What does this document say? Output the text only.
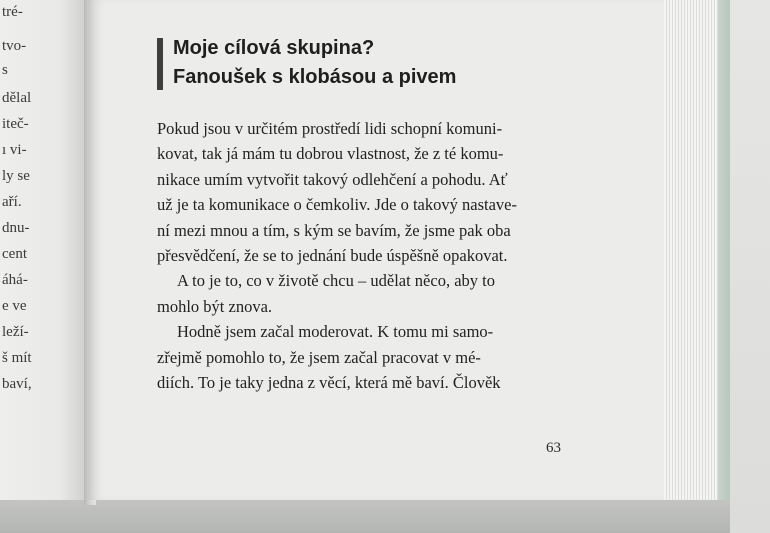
tré-
tvo-
s
dělal
iteč-
ı vi-
ly se
aří.
dnu-
cent
áhá-
e ve
leží-
š mít
baví,
Moje cílová skupina?
Fanoušek s klobásou a pivem
Pokud jsou v určitém prostředí lidi schopní komuni-
kovat, tak já mám tu dobrou vlastnost, že z té komu-
nikace umím vytvořit takový odlehčení a pohodu. Ať
už je ta komunikace o čemkoliv. Jde o takový nastave-
ní mezi mnou a tím, s kým se bavím, že jsme pak oba
přesvědčení, že se to jednání bude úspěšně opakovat.
A to je to, co v životě chcu – udělat něco, aby to
mohlo být znova.
Hodně jsem začal moderovat. K tomu mi samo-
zřejmě pomohlo to, že jsem začal pracovat v mé-
diích. To je taky jedna z věcí, která mě baví. Člověk
63
